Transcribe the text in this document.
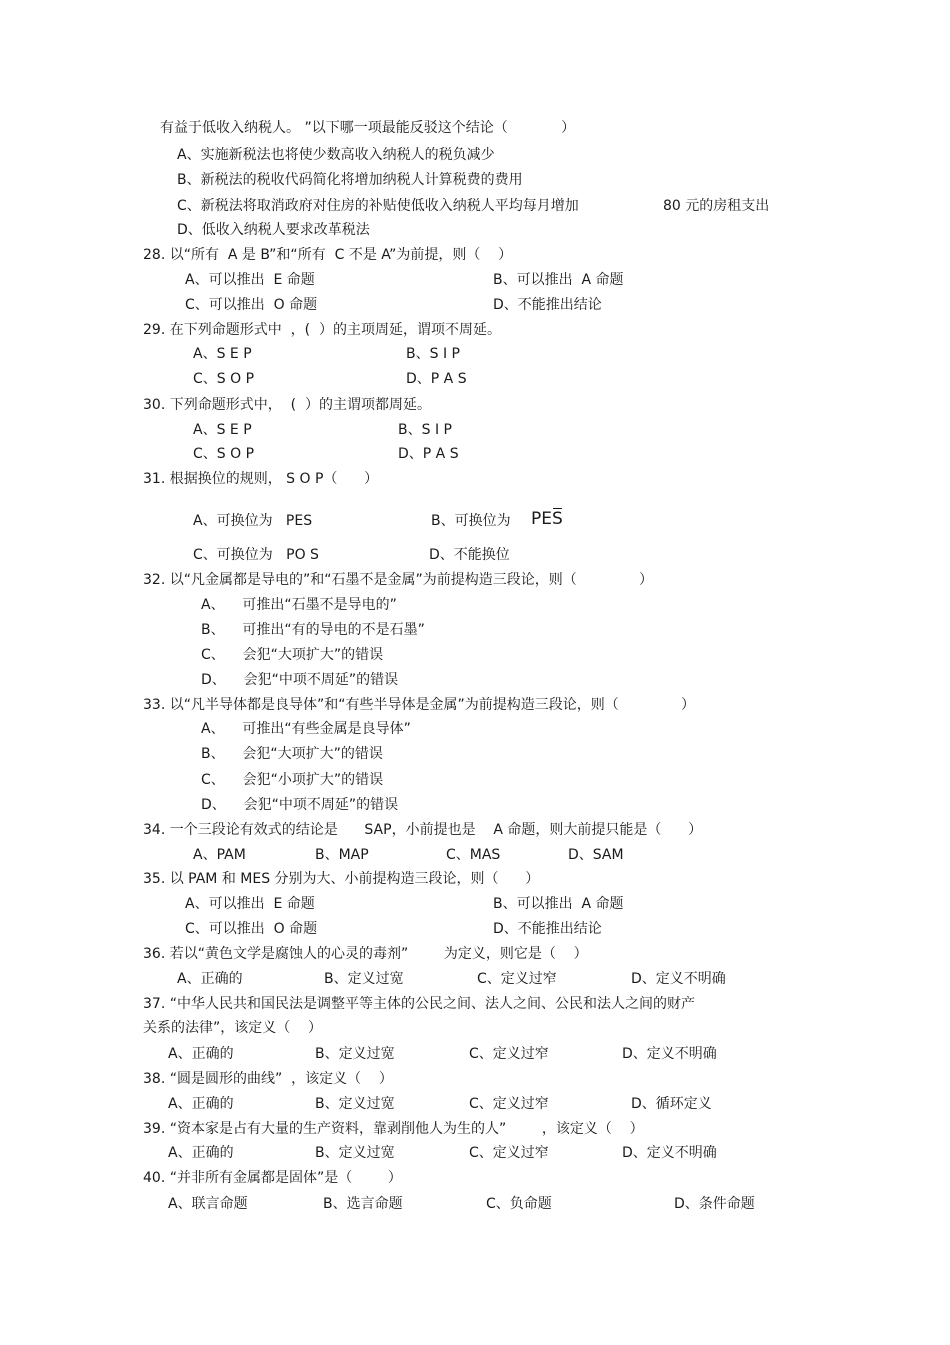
有益于低收入纳税人。 ”以下哪一项最能反驳这个结论（            ）
A、实施新税法也将使少数高收入纳税人的税负减少
B、新税法的税收代码简化将增加纳税人计算税费的费用
C、新税法将取消政府对住房的补贴使低收入纳税人平均每月增加	80 元的房租支出
D、低收入纳税人要求改革税法
28. 以“所有  A 是 B”和“所有  C 不是 A”为前提，则（    ）
A、可以推出  E 命题	B、可以推出  A 命题
C、可以推出  O 命题	D、不能推出结论
29. 在下列命题形式中  ，(  ）的主项周延，谓项不周延。
A、S E P	B、S I P
C、S O P	D、P A S
30. 下列命题形式中，  (  ）的主谓项都周延。
A、S E P	B、S I P
C、S O P	D、P A S
31. 根据换位的规则， S O P（      ）
A、可换位为   PES	B、可换位为 PES
C、可换位为   PO S	D、不能换位
32. 以“凡金属都是导电的”和“石墨不是金属”为前提构造三段论，则（              ）
A、    可推出“石墨不是导电的”
B、    可推出“有的导电的不是石墨”
C、    会犯“大项扩大”的错误
D、    会犯“中项不周延”的错误
33. 以“凡半导体都是良导体”和“有些半导体是金属”为前提构造三段论，则（              ）
A、    可推出“有些金属是良导体”
B、    会犯“大项扩大”的错误
C、    会犯“小项扩大”的错误
D、    会犯“中项不周延”的错误
34. 一个三段论有效式的结论是      SAP，小前提也是    A 命题，则大前提只能是（      ）
A、PAM	B、MAP	C、MAS	D、SAM
35. 以 PAM 和 MES 分别为大、小前提构造三段论，则（      ）
A、可以推出  E 命题	B、可以推出  A 命题
C、可以推出  O 命题	D、不能推出结论
36. 若以“黄色文学是腐蚀人的心灵的毒剂”        为定义，则它是（    ）
A、正确的	B、定义过宽	C、定义过窄	D、定义不明确
37. “中华人民共和国民法是调整平等主体的公民之间、法人之间、公民和法人之间的财产
关系的法律”，该定义（    ）
A、正确的	B、定义过宽	C、定义过窄	D、定义不明确
38. “圆是圆形的曲线”  ，该定义（    ）
A、正确的	B、定义过宽	C、定义过窄	D、循环定义
39. “资本家是占有大量的生产资料，靠剥削他人为生的人”        ，该定义（    ）
A、正确的	B、定义过宽	C、定义过窄	D、定义不明确
40. “并非所有金属都是固体”是（        ）
A、联言命题	B、选言命题	C、负命题	D、条件命题
